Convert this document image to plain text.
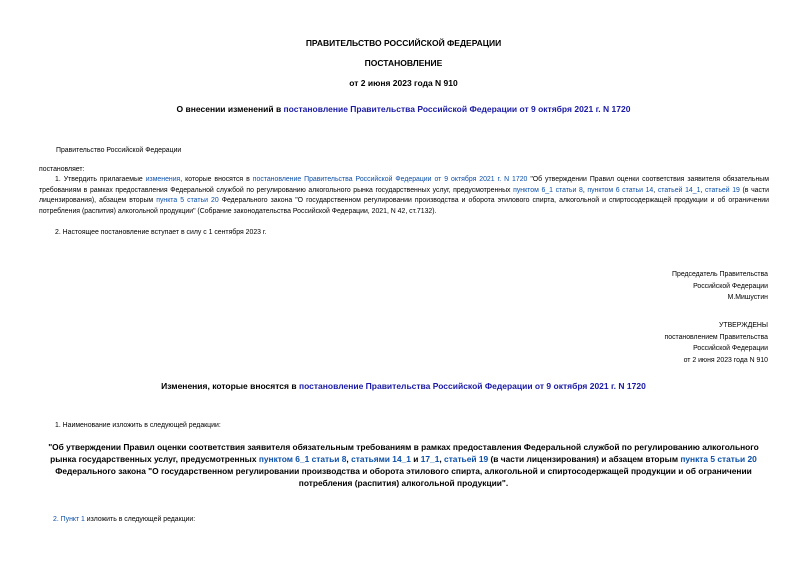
ПРАВИТЕЛЬСТВО РОССИЙСКОЙ ФЕДЕРАЦИИ
ПОСТАНОВЛЕНИЕ
от 2 июня 2023 года N 910
О внесении изменений в постановление Правительства Российской Федерации от 9 октября 2021 г. N 1720
Правительство Российской Федерации
постановляет:
1. Утвердить прилагаемые изменения, которые вносятся в постановление Правительства Российской Федерации от 9 октября 2021 г. N 1720 "Об утверждении Правил оценки соответствия заявителя обязательным требованиям в рамках предоставления Федеральной службой по регулированию алкогольного рынка государственных услуг, предусмотренных пунктом 6_1 статьи 8, пунктом 6 статьи 14, статьей 14_1, статьей 19 (в части лицензирования), абзацем вторым пункта 5 статьи 20 Федерального закона "О государственном регулировании производства и оборота этилового спирта, алкогольной и спиртосодержащей продукции и об ограничении потребления (распития) алкогольной продукции" (Собрание законодательства Российской Федерации, 2021, N 42, ст.7132).
2. Настоящее постановление вступает в силу с 1 сентября 2023 г.
Председатель Правительства
Российской Федерации
М.Мишустин
УТВЕРЖДЕНЫ
постановлением Правительства
Российской Федерации
от 2 июня 2023 года N 910
Изменения, которые вносятся в постановление Правительства Российской Федерации от 9 октября 2021 г. N 1720
1. Наименование изложить в следующей редакции:
"Об утверждении Правил оценки соответствия заявителя обязательным требованиям в рамках предоставления Федеральной службой по регулированию алкогольного рынка государственных услуг, предусмотренных пунктом 6_1 статьи 8, статьями 14_1 и 17_1, статьей 19 (в части лицензирования) и абзацем вторым пункта 5 статьи 20 Федерального закона "О государственном регулировании производства и оборота этилового спирта, алкогольной и спиртосодержащей продукции и об ограничении потребления (распития) алкогольной продукции".
2. Пункт 1 изложить в следующей редакции:
